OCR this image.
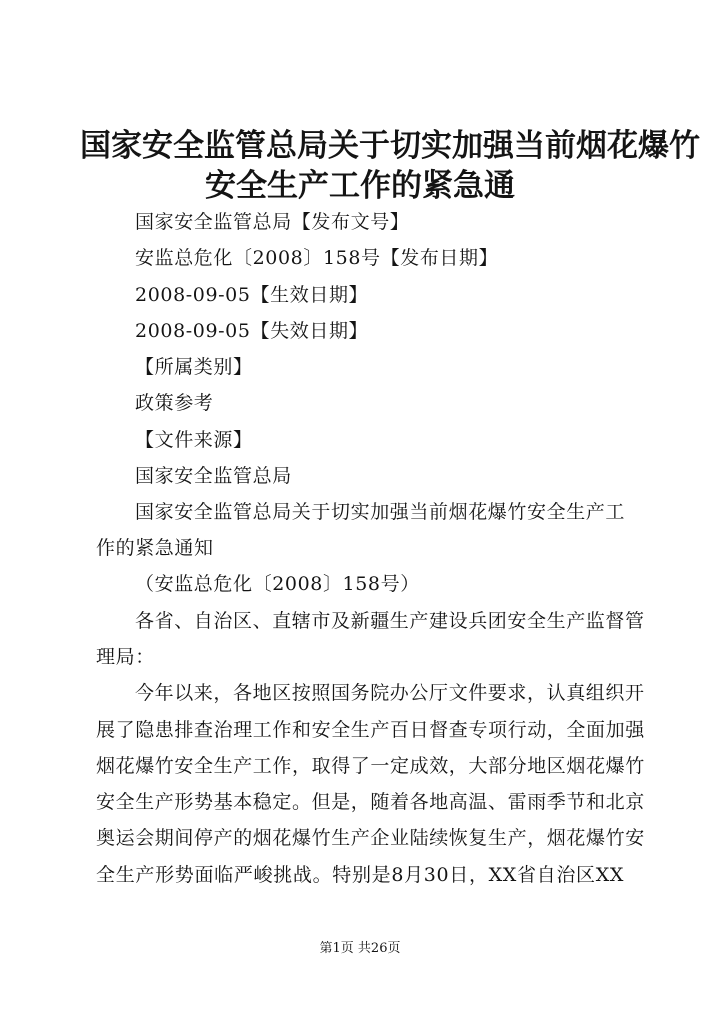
国家安全监管总局关于切实加强当前烟花爆竹
安全生产工作的紧急通
国家安全监管总局【发布文号】
安监总危化〔2008〕158号【发布日期】
2008-09-05【生效日期】
2008-09-05【失效日期】
【所属类别】
政策参考
【文件来源】
国家安全监管总局
国家安全监管总局关于切实加强当前烟花爆竹安全生产工
作的紧急通知
（安监总危化〔2008〕158号）
各省、自治区、直辖市及新疆生产建设兵团安全生产监督管
理局：
今年以来，各地区按照国务院办公厅文件要求，认真组织开
展了隐患排查治理工作和安全生产百日督查专项行动，全面加强
烟花爆竹安全生产工作，取得了一定成效，大部分地区烟花爆竹
安全生产形势基本稳定。但是，随着各地高温、雷雨季节和北京
奥运会期间停产的烟花爆竹生产企业陆续恢复生产，烟花爆竹安
全生产形势面临严峻挑战。特别是8月30日，XX省自治区XX
第1页 共26页
